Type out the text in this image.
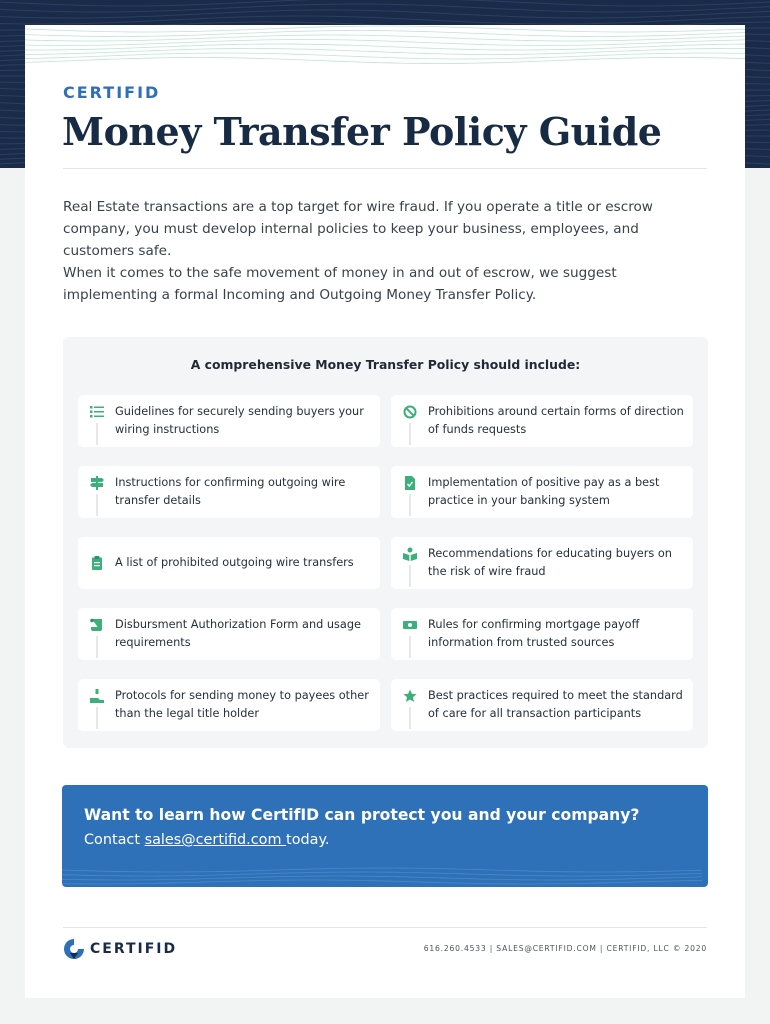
CERTIFID
Money Transfer Policy Guide

Real Estate transactions are a top target for wire fraud. If you operate a title or escrow company, you must develop internal policies to keep your business, employees, and customers safe.

When it comes to the safe movement of money in and out of escrow, we suggest implementing a formal Incoming and Outgoing Money Transfer Policy.

A comprehensive Money Transfer Policy should include:
Guidelines for securely sending buyers your wiring instructions
Prohibitions around certain forms of direction of funds requests
Instructions for confirming outgoing wire transfer details
Implementation of positive pay as a best practice in your banking system
A list of prohibited outgoing wire transfers
Recommendations for educating buyers on the risk of wire fraud
Disbursment Authorization Form and usage requirements
Rules for confirming mortgage payoff information from trusted sources
Protocols for sending money to payees other than the legal title holder
Best practices required to meet the standard of care for all transaction participants
Want to learn how CertifID can protect you and your company?
Contact sales@certifid.com today.
CERTIFID	616.260.4533 | SALES@CERTIFID.COM | CERTIFID, LLC © 2020
